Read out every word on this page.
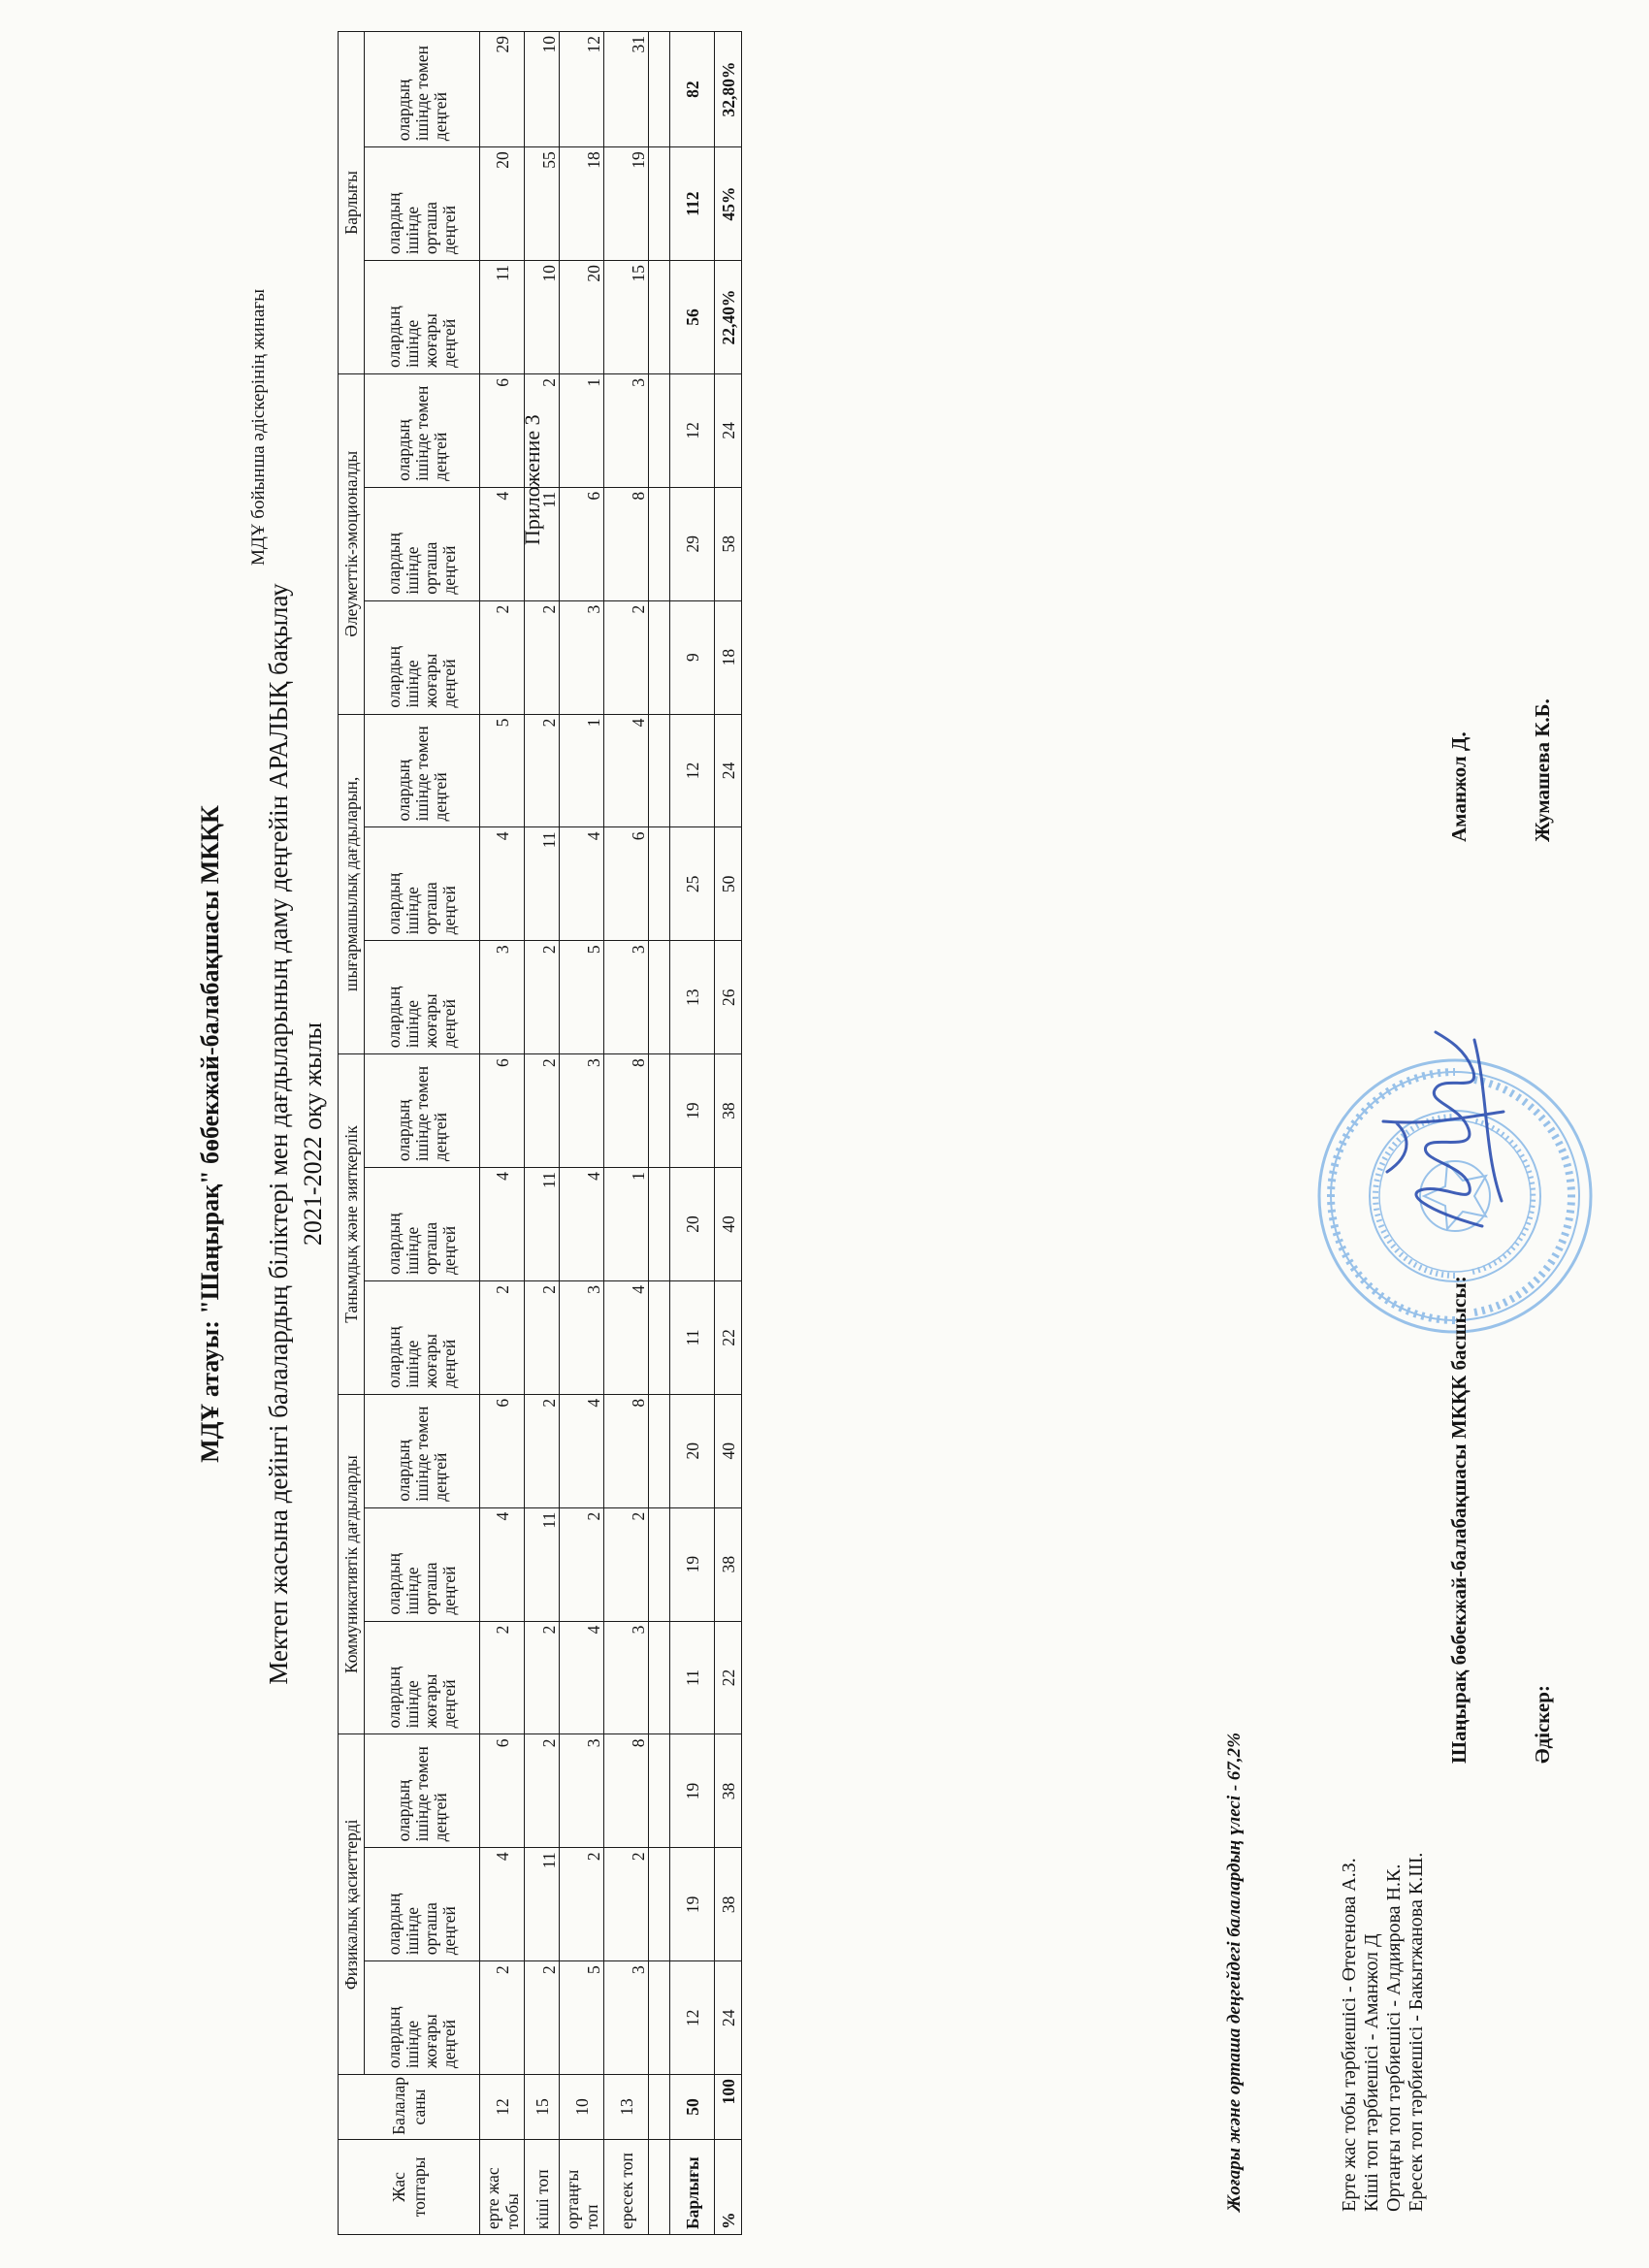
Приложение 3
МДҰ бойынша әдіскерінің жинағы
МДҰ атауы: "Шаңырақ" бөбекжай-балабақшасы МКҚК Мектеп жасына дейінгі балалардың біліктері мен дағдыларының даму деңгейін АРАЛЫҚ бақылау 2021-2022 оқу жылы
Жас топтары	Балалар саны	Физикалық қасиеттерді			Коммуникативтік дағдыларды			Танымдық және зияткерлік			шығармашылық дағдыларын,			Әлеуметтік-эмоционалды			Барлығы		
		олардың ішінде жоғары деңгей	олардың ішінде орташа деңгей	олардың ішінде төмен деңгей	олардың ішінде жоғары деңгей	олардың ішінде орташа деңгей	олардың ішінде төмен деңгей	олардың ішінде жоғары деңгей	олардың ішінде орташа деңгей	олардың ішінде төмен деңгей	олардың ішінде жоғары деңгей	олардың ішінде орташа деңгей	олардың ішінде төмен деңгей	олардың ішінде жоғары деңгей	олардың ішінде орташа деңгей	олардың ішінде төмен деңгей	олардың ішінде жоғары деңгей	олардың ішінде орташа деңгей	олардың ішінде төмен деңгей
ерте жас тобы	12	2	4	6	2	4	6	2	4	6	3	4	5	2	4	6	11	20	29
кіші топ	15	2	11	2	2	11	2	2	11	2	2	11	2	2	11	2	10	55	10
ортаңғы топ	10	5	2	3	4	2	4	3	4	3	5	4	1	3	6	1	20	18	12
ересек топ	13	3	2	8	3	2	8	4	1	8	3	6	4	2	8	3	15	19	31

Барлығы	50	12	19	19	11	19	20	11	20	19	13	25	12	9	29	12	56	112	82
%	100	24	38	38	22	38	40	22	40	38	26	50	24	18	58	24	22,40%	45%	32,80%
Жоғары және орташа деңгейдегі балалардың үлесі - 67,2%	Ерте жас тобы тәрбиешісі - Өтегенова А.З. Кіші топ тәрбиешісі - Аманжол Д Ортаңғы топ тәрбиешісі - Алдиярова Н.К. Ересек топ тәрбиешісі - Бакытжанова К.Ш.
Шаңырақ бөбекжай-балабақшасы МКҚК басшысы:
Аманжол Д.
Әдіскер:
Жумашева К.Б.
